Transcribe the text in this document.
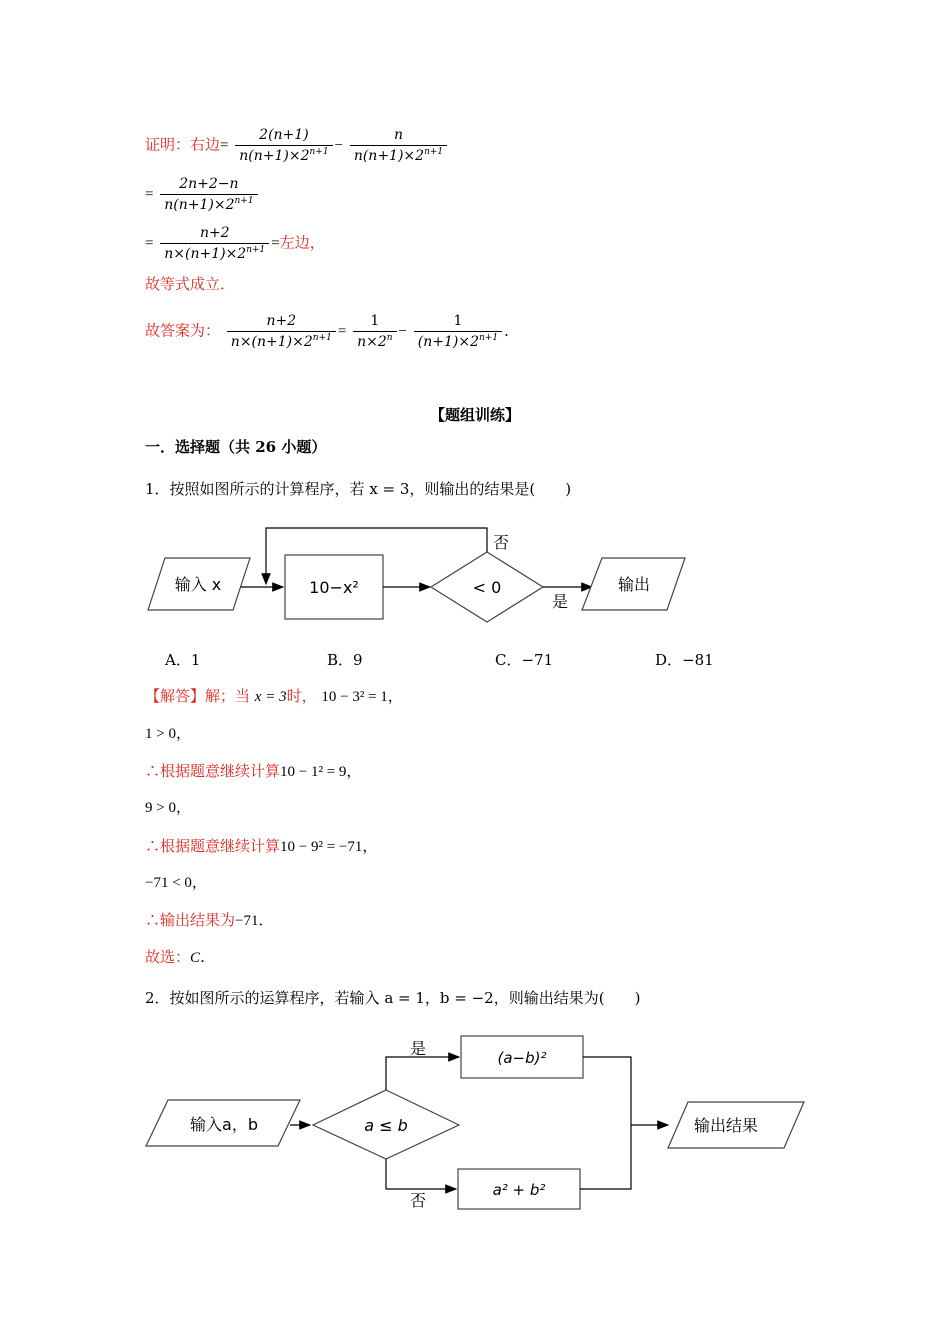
证明：右边= $\frac{2(n+1)}{n(n+1)\times 2^{n+1}} - \frac{n}{n(n+1)\times 2^{n+1}}$
= $\frac{2n+2-n}{n(n+1)\times 2^{n+1}}$
= $\frac{n+2}{n\times(n+1)\times 2^{n+1}}$ =左边，
故等式成立．
故答案为： $\frac{n+2}{n\times(n+1)\times 2^{n+1}} = \frac{1}{n\times 2^n} - \frac{1}{(n+1)\times 2^{n+1}}$ ．
【题组训练】
一．选择题（共 26 小题）
1．按照如图所示的计算程序，若 x = 3，则输出的结果是(　　)
输入 x	10−x²	< 0
否
是
输出
A．1	B．9	C．−71	D．−81
【解答】解；当 x = 3时， 10 − 3² = 1，
1 > 0，
∴根据题意继续计算10 − 1² = 9，
9 > 0，
∴根据题意继续计算10 − 9² = −71，
−71 < 0，
∴输出结果为−71．
故选：C．
2．按如图所示的运算程序，若输入 a = 1，b = −2，则输出结果为(　　)
输入a，b	a ≤ b
是	(a−b)²
否
a² + b²
输出结果
